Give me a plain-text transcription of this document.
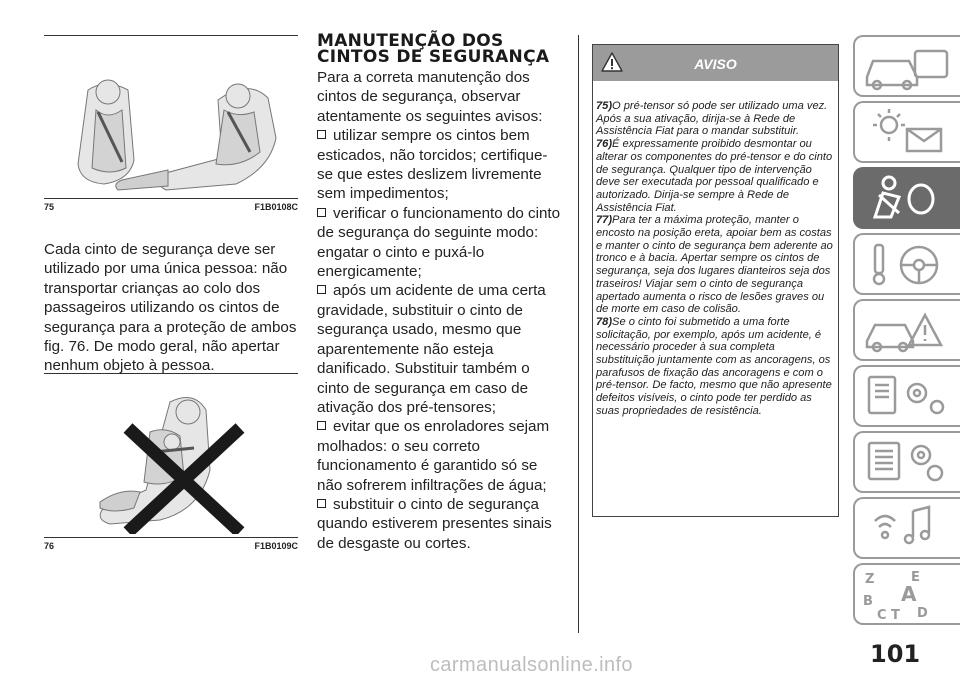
75	F1B0108C

Cada cinto de segurança deve ser utilizado por uma única pessoa: não transportar crianças ao colo dos passageiros utilizando os cintos de segurança para a proteção de ambos fig. 76. De modo geral, não apertar nenhum objeto à pessoa.

76	F1B0109C
MANUTENÇÃO DOS
CINTOS DE SEGURANÇA

Para a correta manutenção dos cintos de segurança, observar atentamente os seguintes avisos:

utilizar sempre os cintos bem esticados, não torcidos; certifique-se que estes deslizem livremente sem impedimentos;

verificar o funcionamento do cinto de segurança do seguinte modo: engatar o cinto e puxá-lo energicamente;

após um acidente de uma certa gravidade, substituir o cinto de segurança usado, mesmo que aparentemente não esteja danificado. Substituir também o cinto de segurança em caso de ativação dos pré-tensores;

evitar que os enroladores sejam molhados: o seu correto funcionamento é garantido só se não sofrerem infiltrações de água;

substituir o cinto de segurança quando estiverem presentes sinais de desgaste ou cortes.

AVISO

75)O pré-tensor só pode ser utilizado uma vez. Após a sua ativação, dirija-se à Rede de Assistência Fiat para o mandar substituir.

76)É expressamente proibido desmontar ou alterar os componentes do pré-tensor e do cinto de segurança. Qualquer tipo de intervenção deve ser executada por pessoal qualificado e autorizado. Dirija-se sempre à Rede de Assistência Fiat.

77)Para ter a máxima proteção, manter o encosto na posição ereta, apoiar bem as costas e manter o cinto de segurança bem aderente ao tronco e à bacia. Apertar sempre os cintos de segurança, seja dos lugares dianteiros seja dos traseiros! Viajar sem o cinto de segurança apertado aumenta o risco de lesões graves ou de morte em caso de colisão.

78)Se o cinto foi submetido a uma forte solicitação, por exemplo, após um acidente, é necessário proceder à sua completa substituição juntamente com as ancoragens, os parafusos de fixação das ancoragens e com o pré-tensor. De facto, mesmo que não apresente defeitos visíveis, o cinto pode ter perdido as suas propriedades de resistência.

Z	E
B A
C D
T
101
carmanualsonline.info
